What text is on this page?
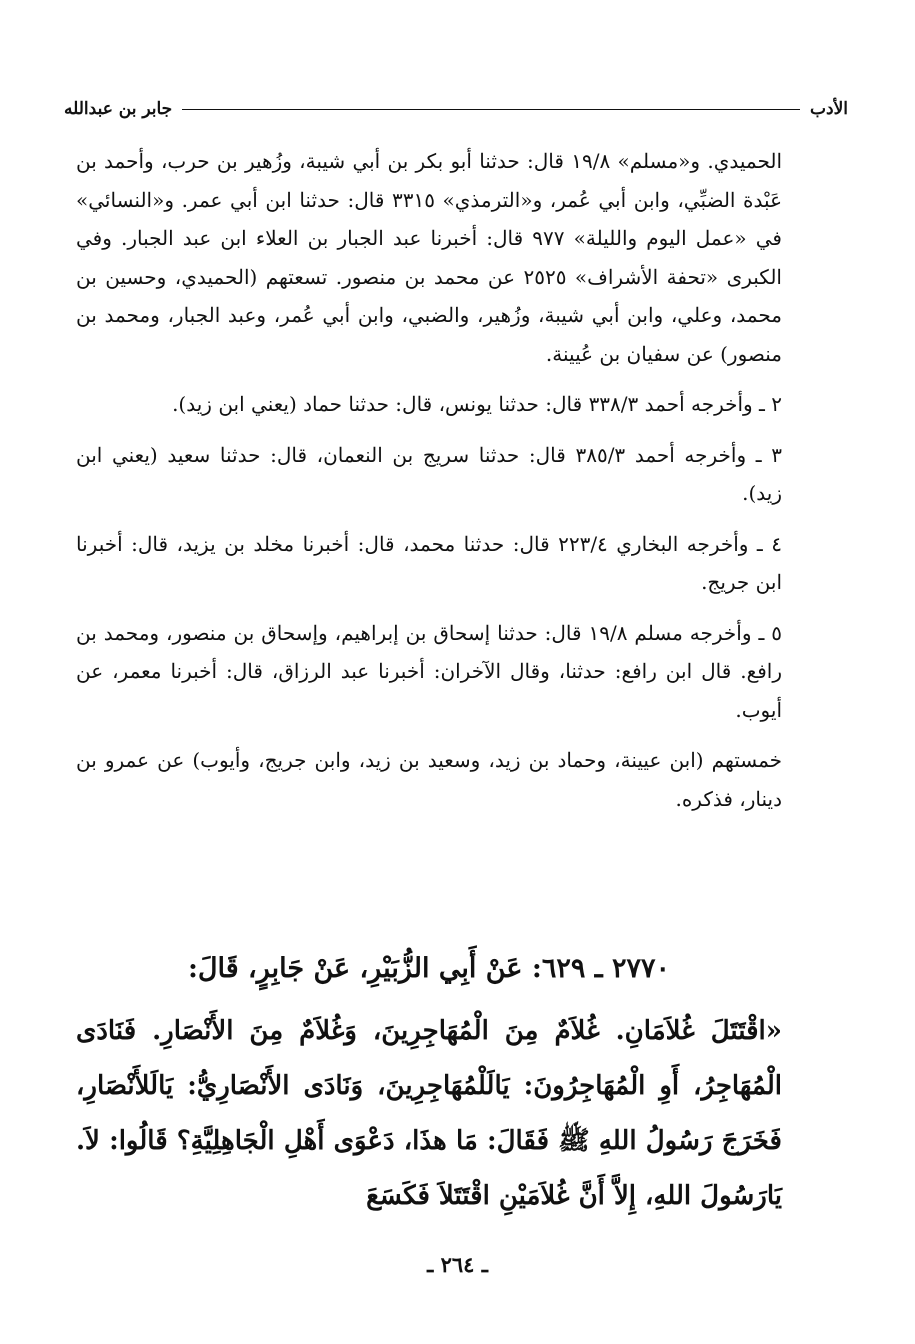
الأدب
جابر بن عبدالله

الحميدي. و«مسلم» ١٩/٨ قال: حدثنا أبو بكر بن أبي شيبة، وزُهير بن حرب، وأحمد بن عَبْدة الضبِّي، وابن أبي عُمر، و«الترمذي» ٣٣١٥ قال: حدثنا ابن أبي عمر. و«النسائي» في «عمل اليوم والليلة» ٩٧٧ قال: أخبرنا عبد الجبار بن العلاء ابن عبد الجبار. وفي الكبرى «تحفة الأشراف» ٢٥٢٥ عن محمد بن منصور. تسعتهم (الحميدي، وحسين بن محمد، وعلي، وابن أبي شيبة، وزُهير، والضبي، وابن أبي عُمر، وعبد الجبار، ومحمد بن منصور) عن سفيان بن عُيينة.

٢ ـ وأخرجه أحمد ٣٣٨/٣ قال: حدثنا يونس، قال: حدثنا حماد (يعني ابن زيد).

٣ ـ وأخرجه أحمد ٣٨٥/٣ قال: حدثنا سريج بن النعمان، قال: حدثنا سعيد (يعني ابن زيد).

٤ ـ وأخرجه البخاري ٢٢٣/٤ قال: حدثنا محمد، قال: أخبرنا مخلد بن يزيد، قال: أخبرنا ابن جريج.

٥ ـ وأخرجه مسلم ١٩/٨ قال: حدثنا إسحاق بن إبراهيم، وإسحاق بن منصور، ومحمد بن رافع. قال ابن رافع: حدثنا، وقال الآخران: أخبرنا عبد الرزاق، قال: أخبرنا معمر، عن أيوب.

خمستهم (ابن عيينة، وحماد بن زيد، وسعيد بن زيد، وابن جريج، وأيوب) عن عمرو بن دينار، فذكره.

٢٧٧٠ ـ ٦٢٩: عَنْ أَبِي الزُّبَيْرِ، عَنْ جَابِرٍ، قَالَ:
«اقْتَتَلَ غُلاَمَانِ. غُلاَمٌ مِنَ الْمُهَاجِرِينَ، وَغُلاَمٌ مِنَ الأَنْصَارِ. فَنَادَى الْمُهَاجِرُ، أَوِ الْمُهَاجِرُونَ: يَالَلْمُهَاجِرِينَ، وَنَادَى الأَنْصَارِيُّ: يَالَلأَنْصَارِ، فَخَرَجَ رَسُولُ اللهِ ﷺ فَقَالَ: مَا هذَا، دَعْوَى أَهْلِ الْجَاهِلِيَّةِ؟ قَالُوا: لاَ. يَارَسُولَ اللهِ، إِلاَّ أَنَّ غُلاَمَيْنِ اقْتَتَلاَ فَكَسَعَ
ـ ٢٦٤ ـ
